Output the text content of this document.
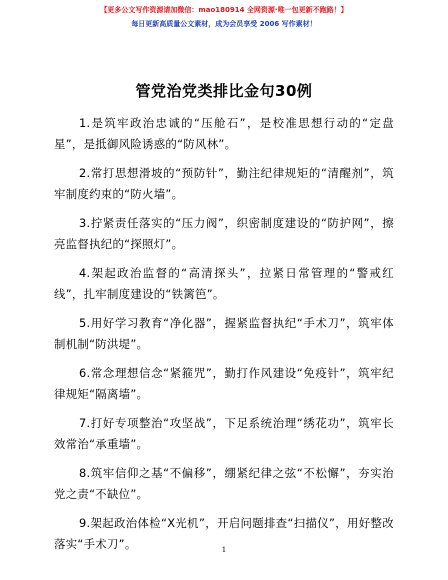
【更多公文写作资源请加微信：mao180914 全网资源·唯一包更新不跑路！】
每日更新高质量公文素材，成为会员享受 2006 写作素材！
管党治党类排比金句30例
1.是筑牢政治忠诚的“压舱石”，是校准思想行动的“定盘星”，是抵御风险诱惑的“防风林”。
2.常打思想滑坡的“预防针”，勤注纪律规矩的“清醒剂”，筑牢制度约束的“防火墙”。
3.拧紧责任落实的“压力阀”，织密制度建设的“防护网”，擦亮监督执纪的“探照灯”。
4.架起政治监督的“高清探头”，拉紧日常管理的“警戒红线”，扎牢制度建设的“铁篱笆”。
5.用好学习教育“净化器”，握紧监督执纪“手术刀”，筑牢体制机制“防洪堤”。
6.常念理想信念“紧箍咒”，勤打作风建设“免疫针”，筑牢纪律规矩“隔离墙”。
7.打好专项整治“攻坚战”，下足系统治理“绣花功”，筑牢长效常治“承重墙”。
8.筑牢信仰之基“不偏移”，绷紧纪律之弦“不松懈”，夯实治党之责“不缺位”。
9.架起政治体检“X光机”，开启问题排查“扫描仪”，用好整改落实“手术刀”。	1
